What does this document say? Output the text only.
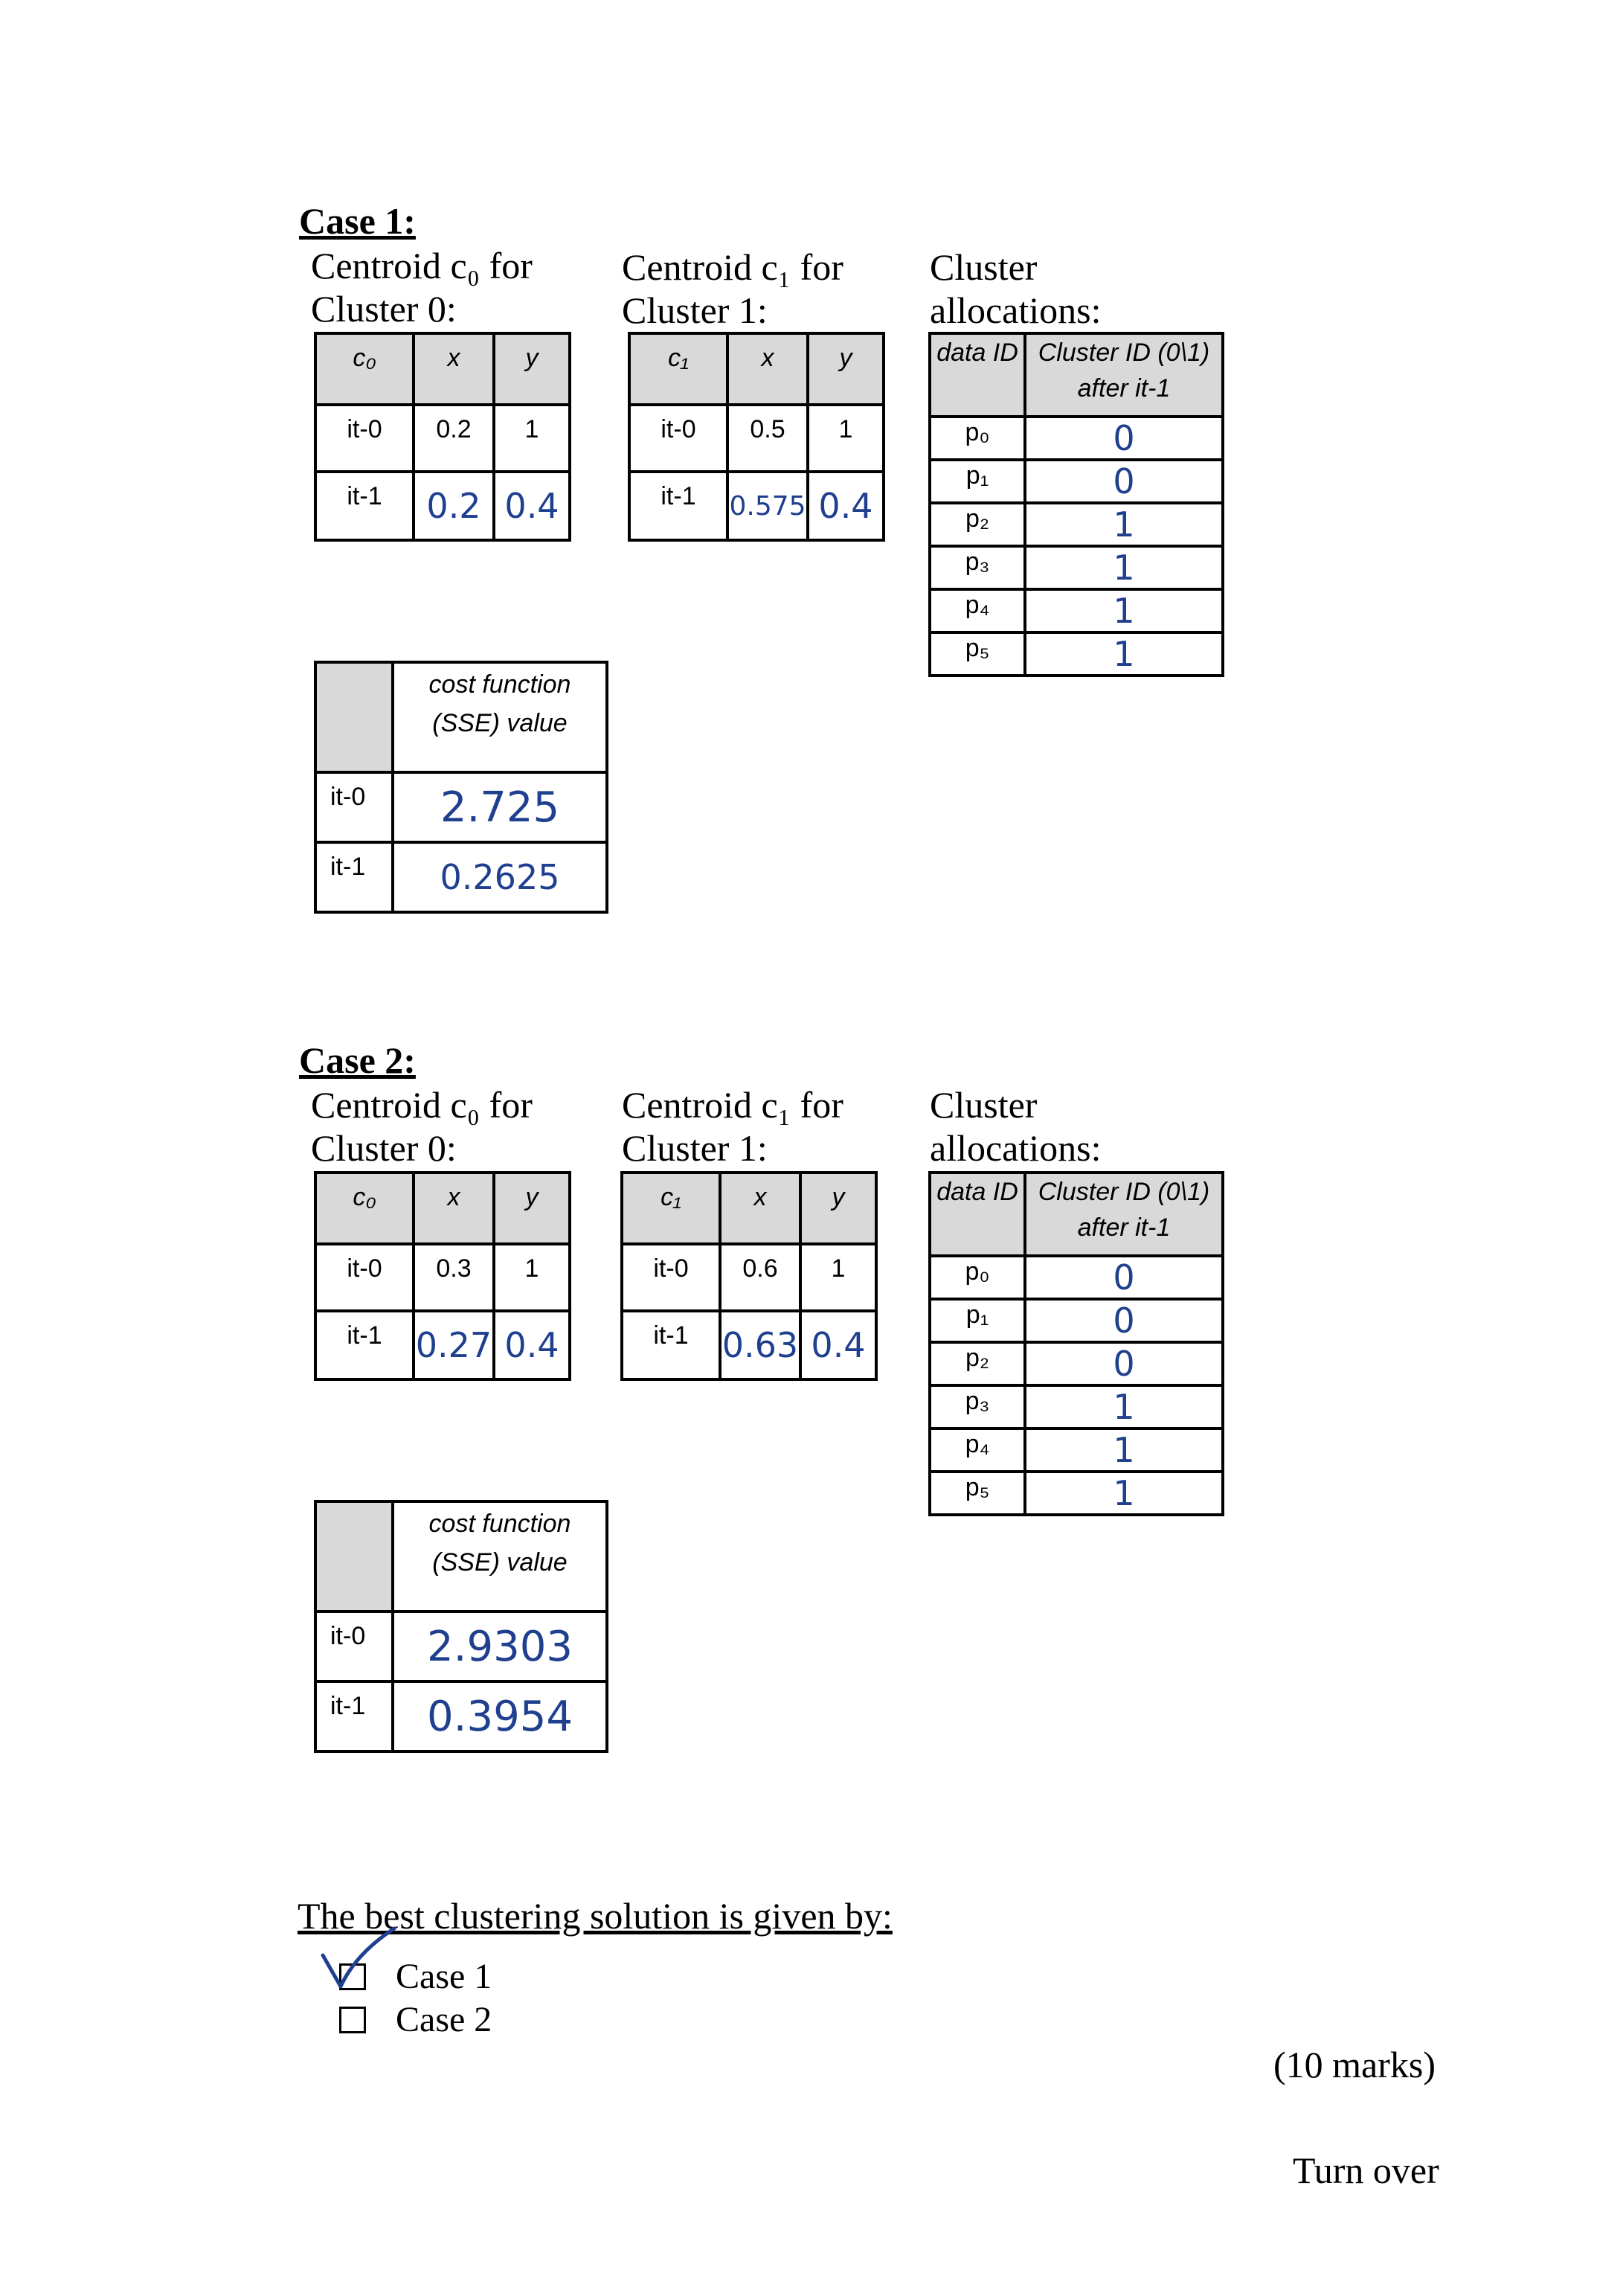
Case 1:
Centroid c₀ for
Cluster 0:
Centroid c₁ for
Cluster 1:
Cluster
allocations:
c₀	x	y

it-0	0.2	1

it-1	0.2	0.4
c₁	x	y

it-0	0.5	1

it-1	0.575	0.4
data ID	Cluster ID (0\1) after it-1
p₀	0
p₁	0
p₂	1
p₃	1
p₄	1
p₅	1
	cost function (SSE) value

it-0	2.725

it-1	0.2625
Case 2:
Centroid c₀ for
Cluster 0:
Centroid c₁ for
Cluster 1:
Cluster
allocations:
c₀	x	y

it-0	0.3	1

it-1	0.27	0.4
c₁	x	y

it-0	0.6	1

it-1	0.63	0.4
data ID	Cluster ID (0\1) after it-1
p₀	0
p₁	0
p₂	0
p₃	1
p₄	1
p₅	1
	cost function (SSE) value

it-0	2.9303

it-1	0.3954
The best clustering solution is given by:
Case 1
Case 2
(10 marks)
Turn over
